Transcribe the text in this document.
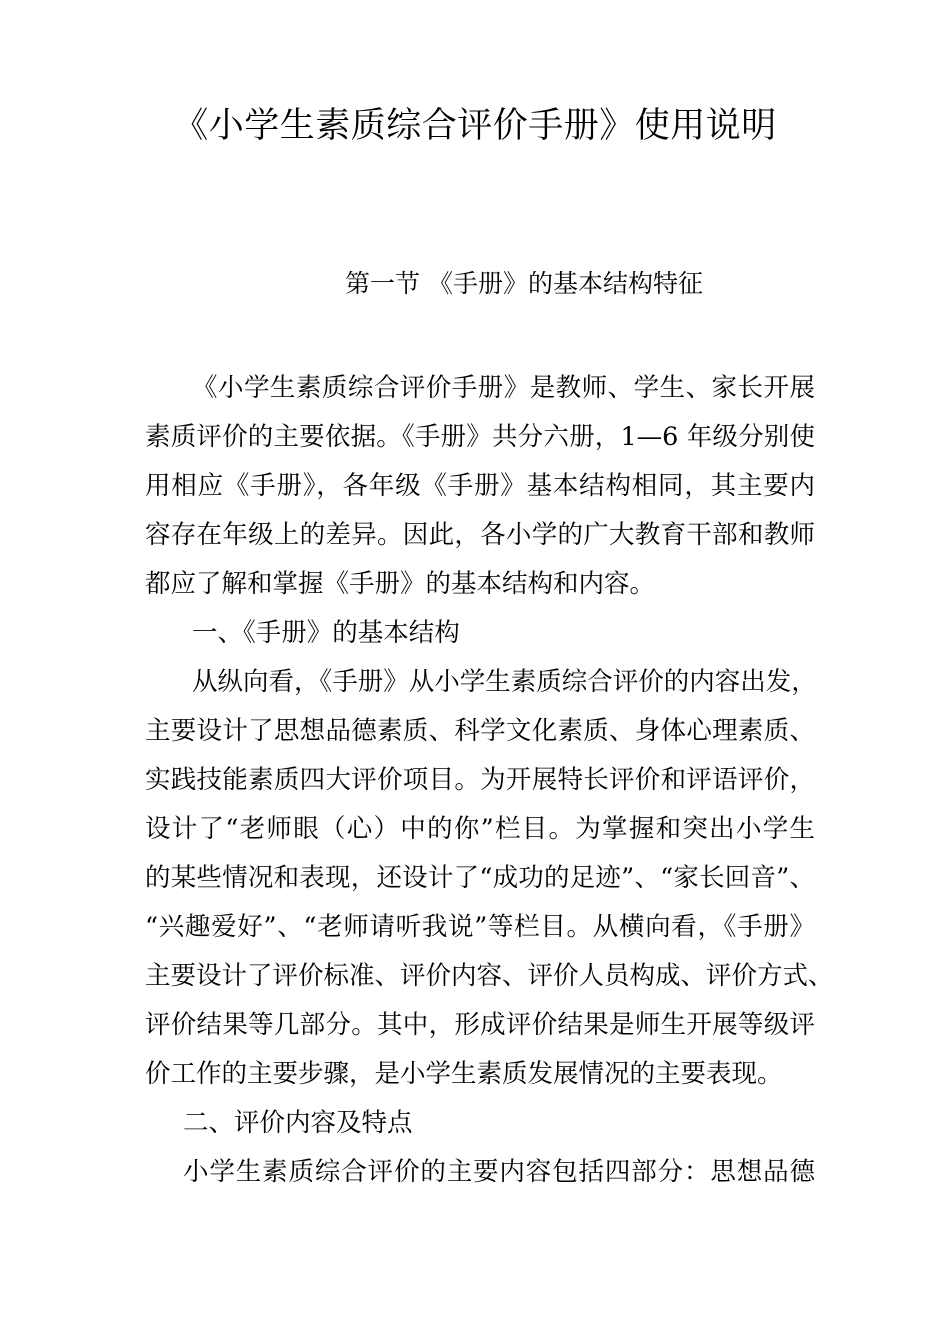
《小学生素质综合评价手册》使用说明
第一节 《手册》的基本结构特征
《小学生素质综合评价手册》是教师、学生、家长开展
素质评价的主要依据。《手册》共分六册，1—6 年级分别使
用相应《手册》，各年级《手册》基本结构相同，其主要内
容存在年级上的差异。因此，各小学的广大教育干部和教师
都应了解和掌握《手册》的基本结构和内容。
一、《手册》的基本结构
从纵向看，《手册》从小学生素质综合评价的内容出发，
主要设计了思想品德素质、科学文化素质、身体心理素质、
实践技能素质四大评价项目。为开展特长评价和评语评价，
设计了“老师眼（心）中的你”栏目。为掌握和突出小学生
的某些情况和表现，还设计了“成功的足迹”、“家长回音”、
“兴趣爱好”、“老师请听我说”等栏目。从横向看，《手册》
主要设计了评价标准、评价内容、评价人员构成、评价方式、
评价结果等几部分。其中，形成评价结果是师生开展等级评
价工作的主要步骤，是小学生素质发展情况的主要表现。
二、评价内容及特点
小学生素质综合评价的主要内容包括四部分：思想品德
